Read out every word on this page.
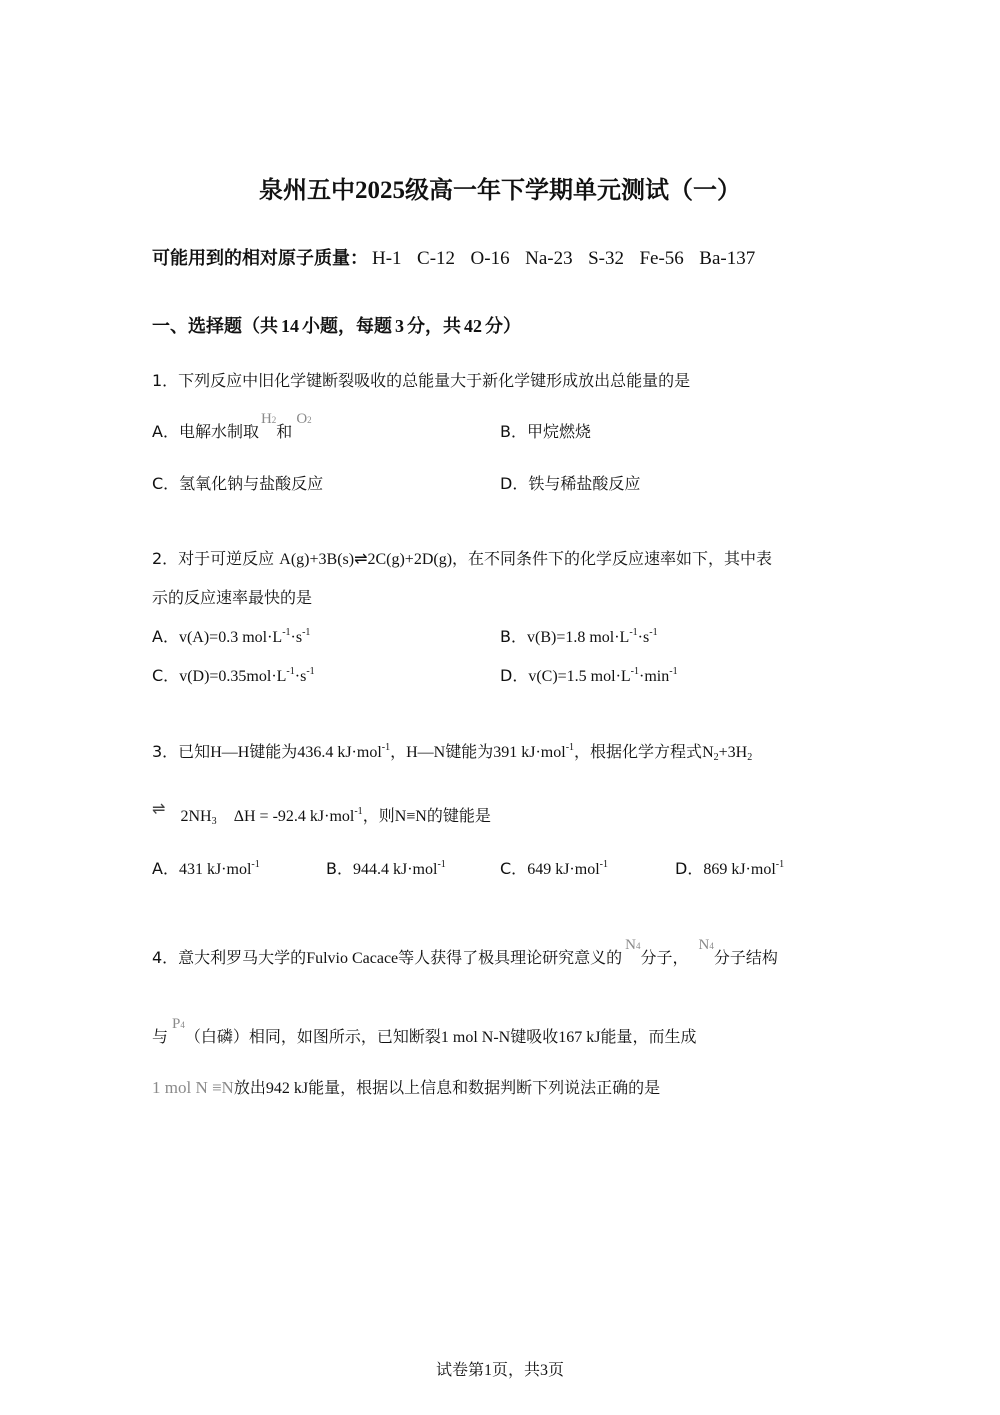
泉州五中2025级高一年下学期单元测试（一）
可能用到的相对原子质量： H-1  C-12  O-16  Na-23  S-32  Fe-56  Ba-137
一、选择题（共 14 小题，每题 3 分，共 42 分）
1．下列反应中旧化学键断裂吸收的总能量大于新化学键形成放出总能量的是
A．电解水制取H2和O2
B．甲烷燃烧
C．氢氧化钠与盐酸反应	D．铁与稀盐酸反应
2．对于可逆反应 A(g)+3B(s)⇌2C(g)+2D(g)，在不同条件下的化学反应速率如下，其中表
示的反应速率最快的是
A．v(A)=0.3 $mol\cdot L^{-1}\cdot s^{-1}$	B．v(B)=1.8 $mol\cdot L^{-1}\cdot s^{-1}$
C．$v(D)=0.35mol\cdot L^{-1}\cdot s^{-1}$	D．v(C)=1.5 $mol\cdot L^{-1}\cdot\min^{-1}$
3．已知H—H键能为436.4 kJ·mol$^{-1}$，H—N键能为391 kJ·mol$^{-1}$，根据化学方程式$N_2+3H_2$
⇌ $2NH_3$ ΔH = -92.4 kJ·mol$^{-1}$，则N≡N的键能是
A．431 kJ·mol$^{-1}$	B．944.4 kJ·mol$^{-1}$	C．649 kJ·mol$^{-1}$	D．869 kJ·mol$^{-1}$
4．意大利罗马大学的Fulvio Cacace等人获得了极具理论研究意义的N4分子，N4分子结构
与P4（白磷）相同，如图所示，已知断裂1 mol N-N键吸收167 kJ能量，而生成
1 mol N ≡N放出942 kJ能量，根据以上信息和数据判断下列说法正确的是
试卷第1页，共3页
